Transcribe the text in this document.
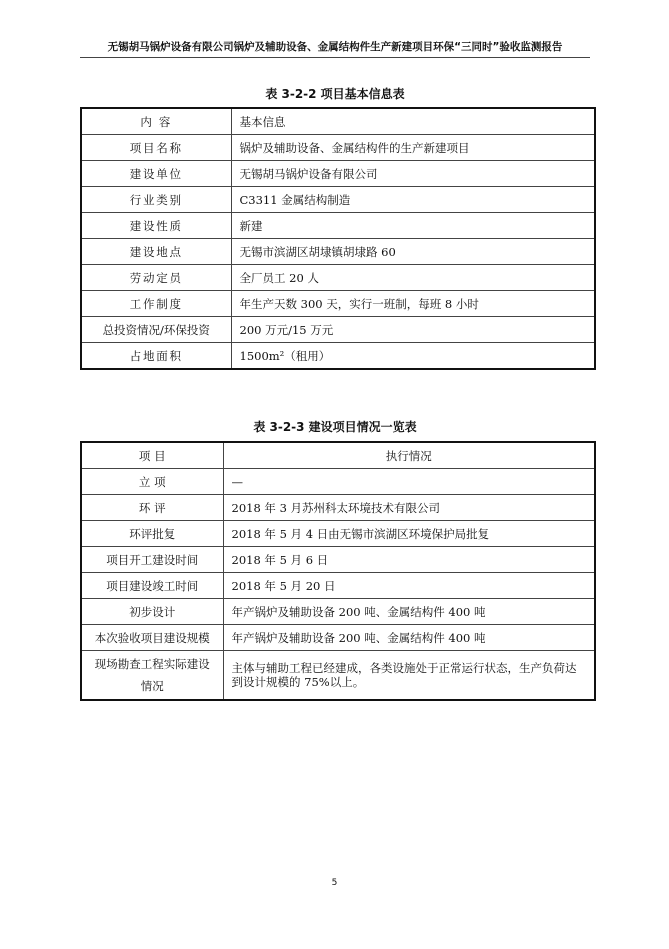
无锡胡马锅炉设备有限公司锅炉及辅助设备、金属结构件生产新建项目环保“三同时”验收监测报告
表 3-2-2 项目基本信息表
内 容	基本信息
项目名称	锅炉及辅助设备、金属结构件的生产新建项目
建设单位	无锡胡马锅炉设备有限公司
行业类别	C3311 金属结构制造
建设性质	新建
建设地点	无锡市滨湖区胡埭镇胡埭路 60
劳动定员	全厂员工 20 人
工作制度	年生产天数 300 天，实行一班制，每班 8 小时
总投资情况/环保投资	200 万元/15 万元
占地面积	1500m²（租用）
表 3-2-3 建设项目情况一览表
项 目	执行情况
立 项	—
环 评	2018 年 3 月苏州科太环境技术有限公司
环评批复	2018 年 5 月 4 日由无锡市滨湖区环境保护局批复
项目开工建设时间	2018 年 5 月 6 日
项目建设竣工时间	2018 年 5 月 20 日
初步设计	年产锅炉及辅助设备 200 吨、金属结构件 400 吨
本次验收项目建设规模	年产锅炉及辅助设备 200 吨、金属结构件 400 吨
现场勘查工程实际建设情况	主体与辅助工程已经建成，各类设施处于正常运行状态，生产负荷达到设计规模的 75%以上。
5
